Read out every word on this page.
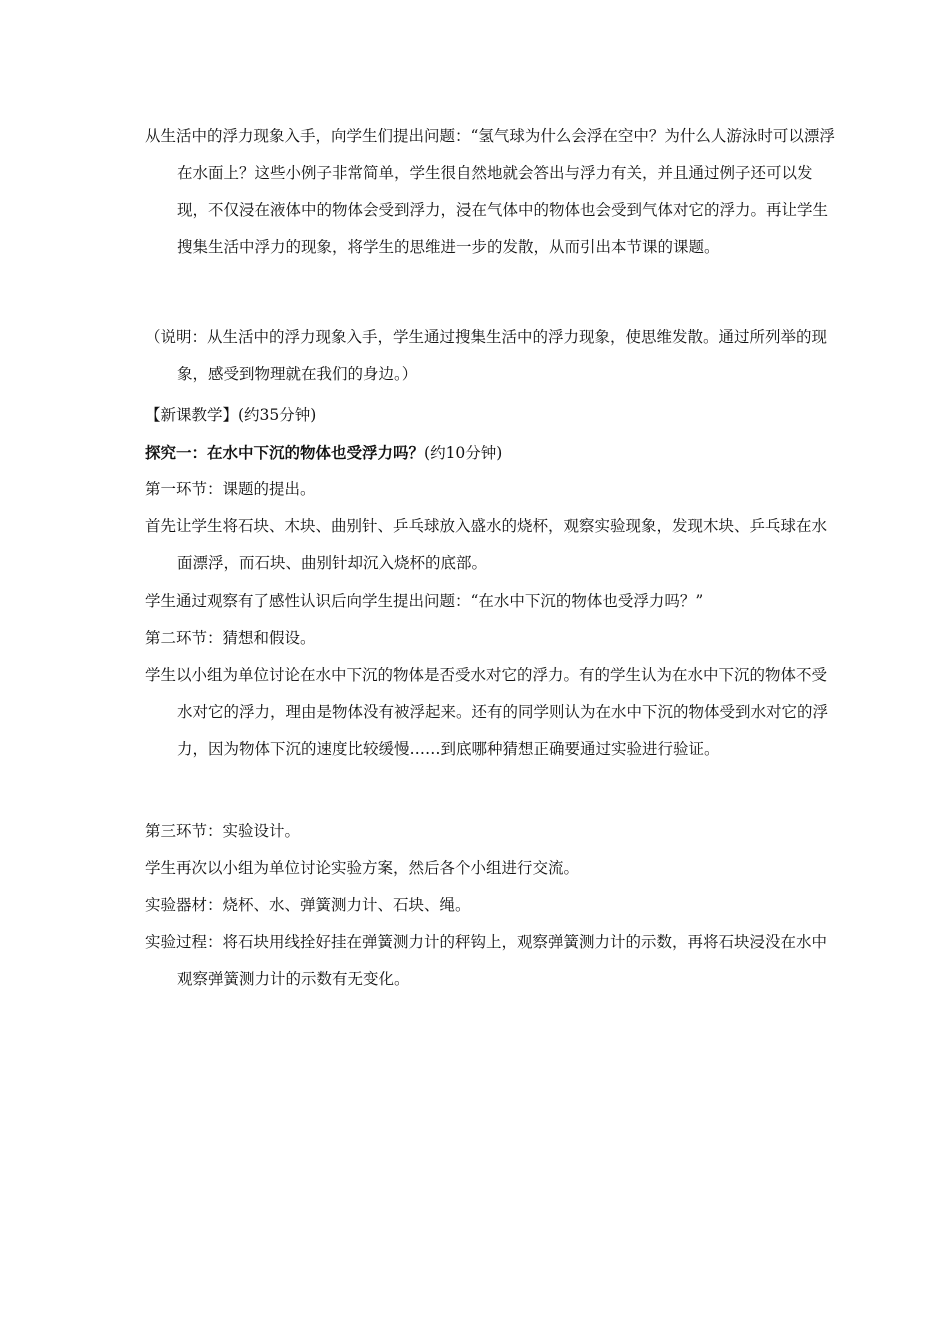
从生活中的浮力现象入手，向学生们提出问题：“氢气球为什么会浮在空中？为什么人游泳时可以漂浮在水面上？这些小例子非常简单，学生很自然地就会答出与浮力有关，并且通过例子还可以发现，不仅浸在液体中的物体会受到浮力，浸在气体中的物体也会受到气体对它的浮力。再让学生搜集生活中浮力的现象，将学生的思维进一步的发散，从而引出本节课的课题。
（说明：从生活中的浮力现象入手，学生通过搜集生活中的浮力现象，使思维发散。通过所列举的现象，感受到物理就在我们的身边。）
【新课教学】(约35分钟)
探究一：在水中下沉的物体也受浮力吗？(约10分钟)
第一环节：课题的提出。
首先让学生将石块、木块、曲别针、乒乓球放入盛水的烧杯，观察实验现象，发现木块、乒乓球在水面漂浮，而石块、曲别针却沉入烧杯的底部。
学生通过观察有了感性认识后向学生提出问题：“在水中下沉的物体也受浮力吗？”
第二环节：猜想和假设。
学生以小组为单位讨论在水中下沉的物体是否受水对它的浮力。有的学生认为在水中下沉的物体不受水对它的浮力，理由是物体没有被浮起来。还有的同学则认为在水中下沉的物体受到水对它的浮力，因为物体下沉的速度比较缓慢……到底哪种猜想正确要通过实验进行验证。
第三环节：实验设计。
学生再次以小组为单位讨论实验方案，然后各个小组进行交流。
实验器材：烧杯、水、弹簧测力计、石块、绳。
实验过程：将石块用线拴好挂在弹簧测力计的秤钩上，观察弹簧测力计的示数，再将石块浸没在水中观察弹簧测力计的示数有无变化。
